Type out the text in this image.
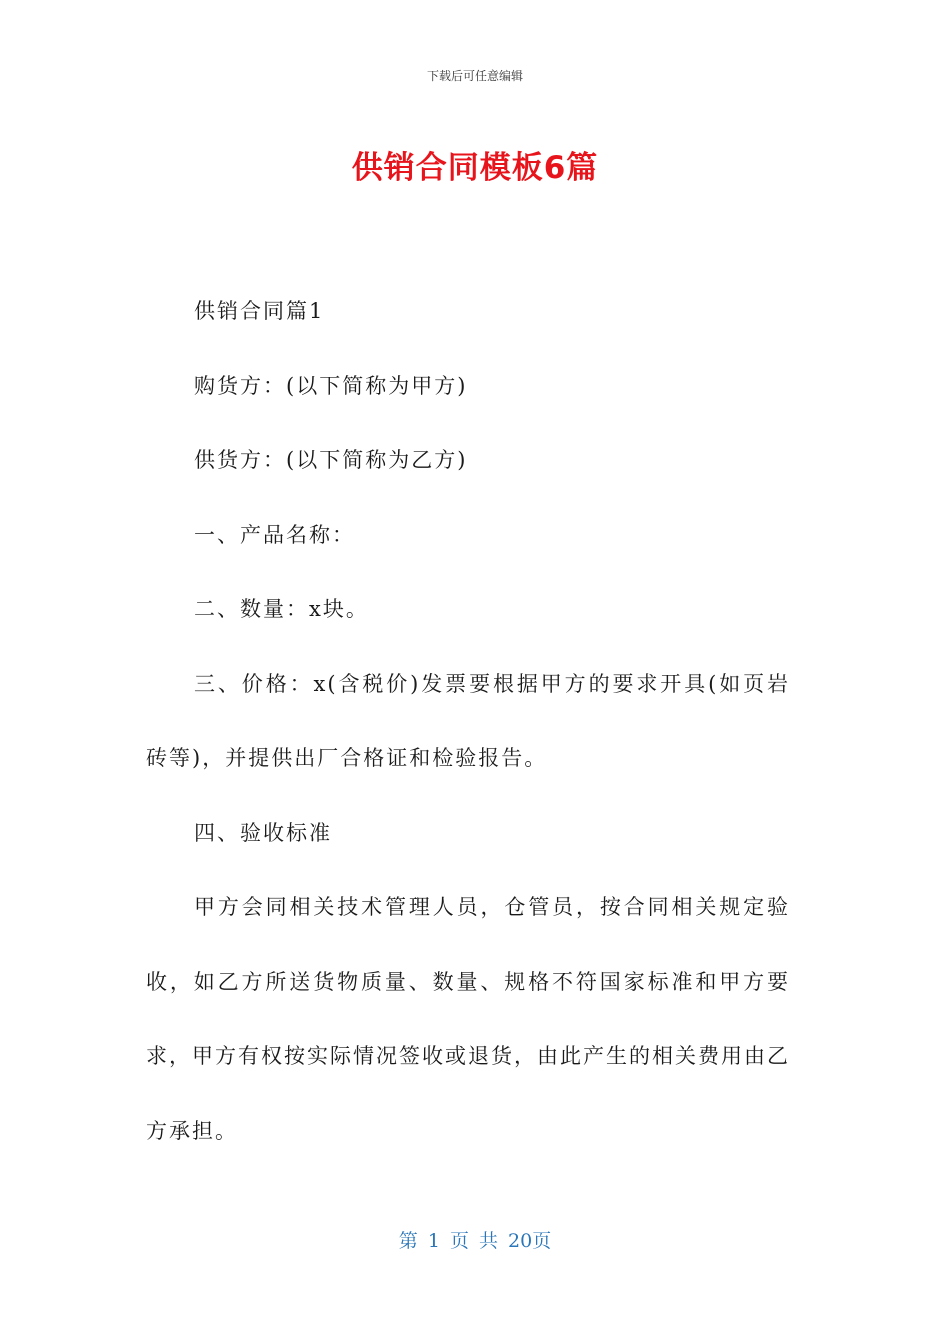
下载后可任意编辑
供销合同模板6篇

供销合同篇1

购货方：(以下简称为甲方)

供货方：(以下简称为乙方)

一、产品名称：

二、数量：x块。

三、价格：x(含税价)发票要根据甲方的要求开具(如页岩砖等)，并提供出厂合格证和检验报告。

四、验收标准

甲方会同相关技术管理人员，仓管员，按合同相关规定验收，如乙方所送货物质量、数量、规格不符国家标准和甲方要求，甲方有权按实际情况签收或退货，由此产生的相关费用由乙方承担。

第 1 页 共 20页
